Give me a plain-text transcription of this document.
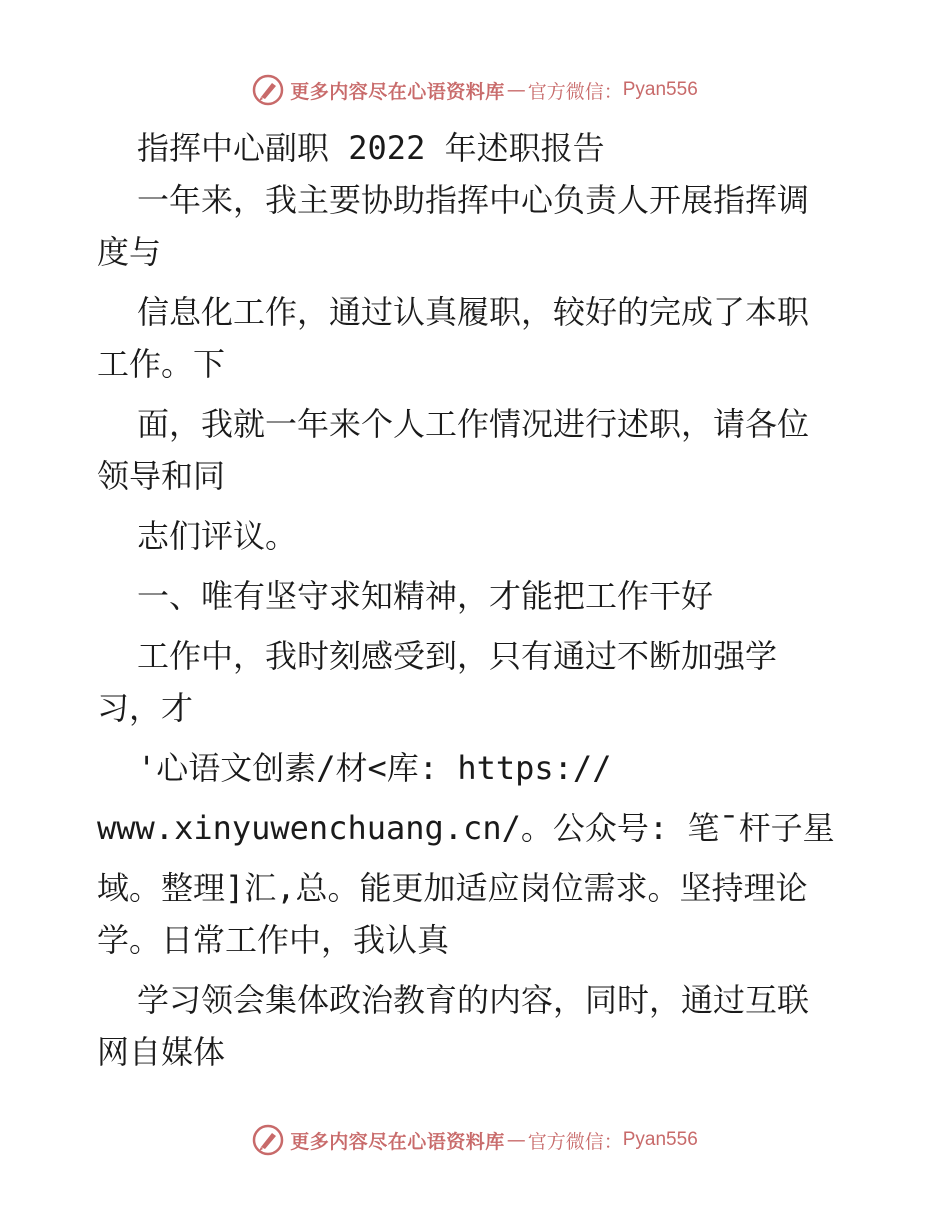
更多内容尽在心语资料库 — 官方微信： Pyan556
指挥中心副职 2022 年述职报告
一年来，我主要协助指挥中心负责人开展指挥调
度与
信息化工作，通过认真履职，较好的完成了本职
工作。下
面，我就一年来个人工作情况进行述职，请各位
领导和同
志们评议。
一、唯有坚守求知精神，才能把工作干好
工作中，我时刻感受到，只有通过不断加强学
习，才
'心语文创素/材<库: https://
www.xinyuwenchuang.cn/。公众号: 笔¯杆子星
域。整理]汇,总。能更加适应岗位需求。坚持理论
学。日常工作中，我认真
学习领会集体政治教育的内容，同时，通过互联
网自媒体
更多内容尽在心语资料库 — 官方微信： Pyan556
